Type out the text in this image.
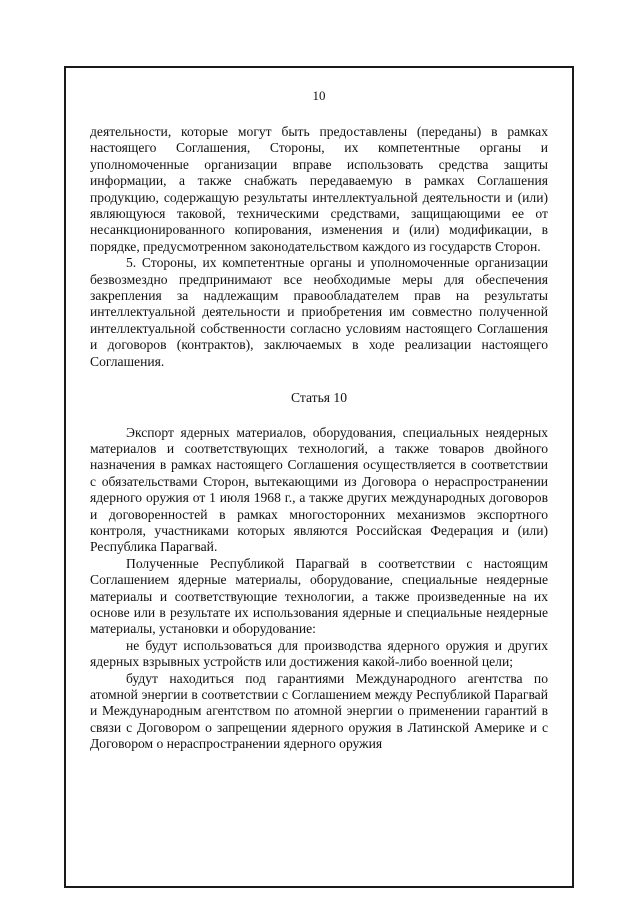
10

деятельности, которые могут быть предоставлены (переданы) в рамках настоящего Соглашения, Стороны, их компетентные органы и уполномоченные организации вправе использовать средства защиты информации, а также снабжать передаваемую в рамках Соглашения продукцию, содержащую результаты интеллектуальной деятельности и (или) являющуюся таковой, техническими средствами, защищающими ее от несанкционированного копирования, изменения и (или) модификации, в порядке, предусмотренном законодательством каждого из государств Сторон.

5. Стороны, их компетентные органы и уполномоченные организации безвозмездно предпринимают все необходимые меры для обеспечения закрепления за надлежащим правообладателем прав на результаты интеллектуальной деятельности и приобретения им совместно полученной интеллектуальной собственности согласно условиям настоящего Соглашения и договоров (контрактов), заключаемых в ходе реализации настоящего Соглашения.

Статья 10

Экспорт ядерных материалов, оборудования, специальных неядерных материалов и соответствующих технологий, а также товаров двойного назначения в рамках настоящего Соглашения осуществляется в соответствии с обязательствами Сторон, вытекающими из Договора о нераспространении ядерного оружия от 1 июля 1968 г., а также других международных договоров и договоренностей в рамках многосторонних механизмов экспортного контроля, участниками которых являются Российская Федерация и (или) Республика Парагвай.

Полученные Республикой Парагвай в соответствии с настоящим Соглашением ядерные материалы, оборудование, специальные неядерные материалы и соответствующие технологии, а также произведенные на их основе или в результате их использования ядерные и специальные неядерные материалы, установки и оборудование:

не будут использоваться для производства ядерного оружия и других ядерных взрывных устройств или достижения какой-либо военной цели;

будут находиться под гарантиями Международного агентства по атомной энергии в соответствии с Соглашением между Республикой Парагвай и Международным агентством по атомной энергии о применении гарантий в связи с Договором о запрещении ядерного оружия в Латинской Америке и с Договором о нераспространении ядерного оружия
